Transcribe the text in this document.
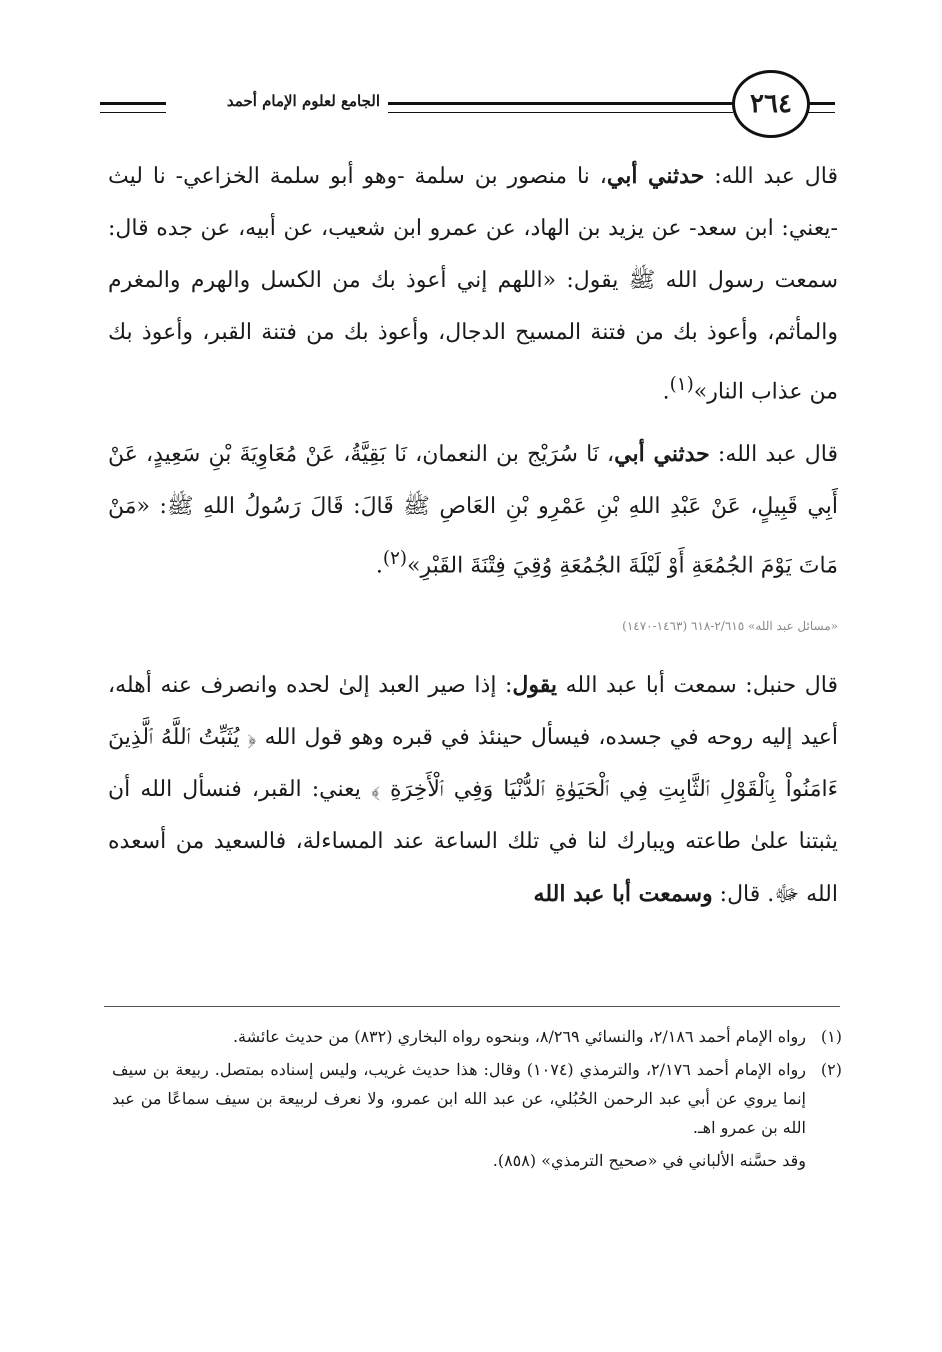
الجامع لعلوم الإمام أحمد	٢٦٤

قال عبد الله: حدثني أبي، نا منصور بن سلمة -وهو أبو سلمة الخزاعي- نا ليث -يعني: ابن سعد- عن يزيد بن الهاد، عن عمرو ابن شعيب، عن أبيه، عن جده قال: سمعت رسول الله ﷺ يقول: «اللهم إني أعوذ بك من الكسل والهرم والمغرم والمأثم، وأعوذ بك من فتنة المسيح الدجال، وأعوذ بك من فتنة القبر، وأعوذ بك من عذاب النار»$^{(١)}$.

قال عبد الله: حدثني أبي، نَا سُرَيْج بن النعمان، نَا بَقِيَّةُ، عَنْ مُعَاوِيَةَ بْنِ سَعِيدٍ، عَنْ أَبِي قَبِيلٍ، عَنْ عَبْدِ اللهِ بْنِ عَمْرِو بْنِ العَاصِ ﷺ قَالَ: قَالَ رَسُولُ اللهِ ﷺ: «مَنْ مَاتَ يَوْمَ الجُمُعَةِ أَوْ لَيْلَةَ الجُمُعَةِ وُقِيَ فِتْنَةَ القَبْرِ»$^{(٢)}$.

«مسائل عبد الله» ٢/٦١٥-٦١٨ (١٤٦٣-١٤٧٠)

قال حنبل: سمعت أبا عبد الله يقول: إذا صير العبد إلىٰ لحده وانصرف عنه أهله، أعيد إليه روحه في جسده، فيسأل حينئذ في قبره وهو قول الله ﴿ يُثَبِّتُ ٱللَّهُ ٱلَّذِينَ ءَامَنُواْ بِٱلْقَوْلِ ٱلثَّابِتِ فِي ٱلْحَيَوٰةِ ٱلدُّنْيَا وَفِي ٱلْأَخِرَةِ ﴾ يعني: القبر، فنسأل الله أن يثبتنا علىٰ طاعته ويبارك لنا في تلك الساعة عند المساءلة، فالسعيد من أسعده الله ﷻ. قال: وسمعت أبا عبد الله

(١)
رواه الإمام أحمد ٢/١٨٦، والنسائي ٨/٢٦٩، وبنحوه رواه البخاري (٨٣٢) من حديث عائشة.
(٢)
رواه الإمام أحمد ٢/١٧٦، والترمذي (١٠٧٤) وقال: هذا حديث غريب، وليس إسناده بمتصل. ربيعة بن سيف إنما يروي عن أبي عبد الرحمن الحُبُلي، عن عبد الله ابن عمرو، ولا نعرف لربيعة بن سيف سماعًا من عبد الله بن عمرو اهـ.
وقد حسَّنه الألباني في «صحيح الترمذي» (٨٥٨).
